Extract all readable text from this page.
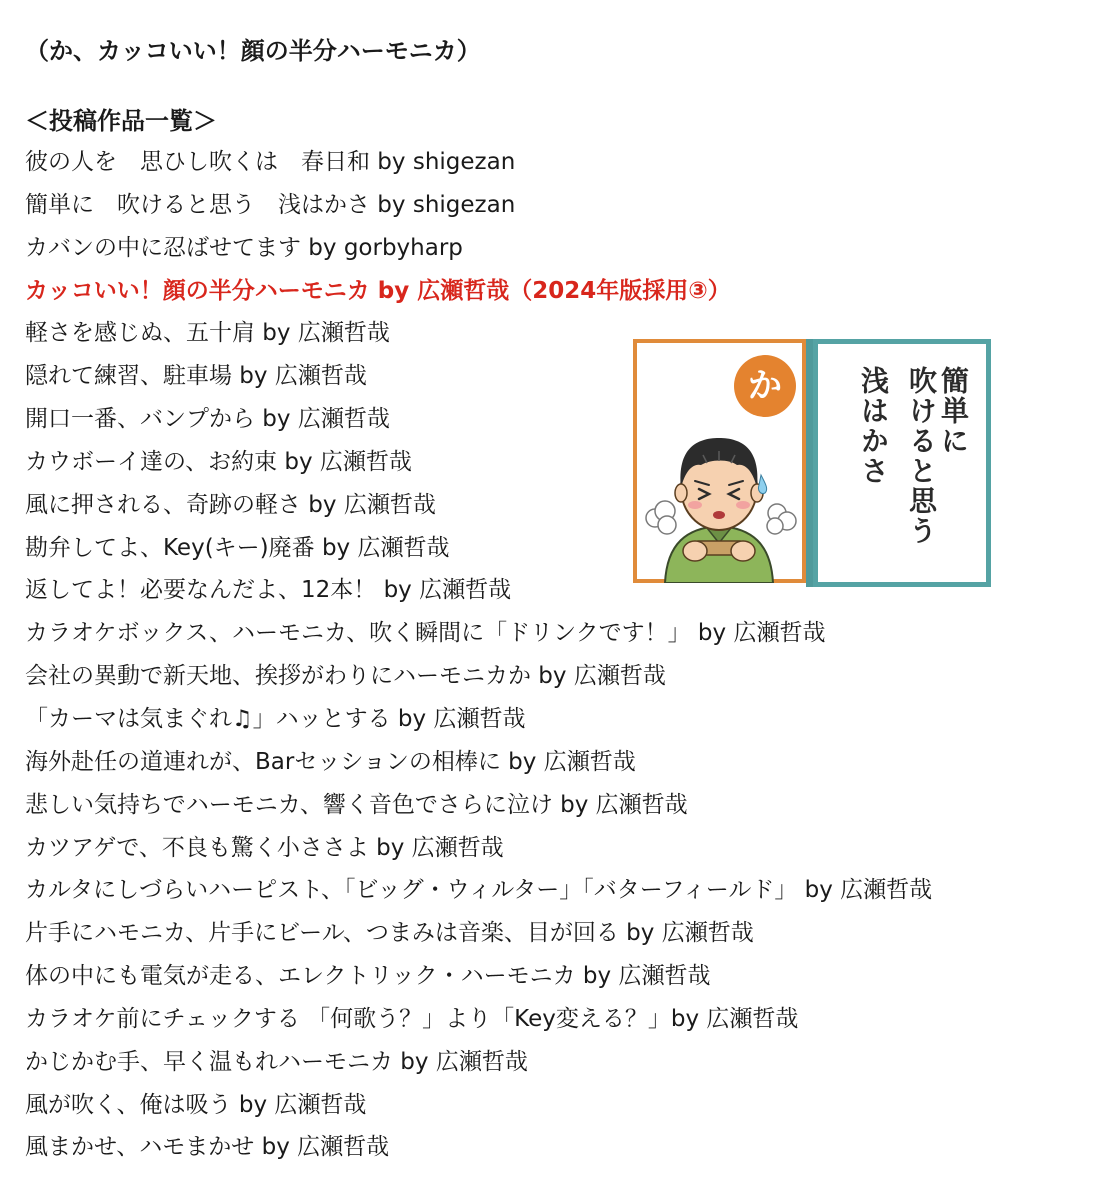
（か、カッコいい！顔の半分ハーモニカ）
＜投稿作品一覧＞
彼の人を　思ひし吹くは　春日和 by shigezan
簡単に　吹けると思う　浅はかさ by shigezan
カバンの中に忍ばせてます by gorbyharp
カッコいい！顔の半分ハーモニカ by 広瀬哲哉（2024年版採用③）
軽さを感じぬ、五十肩 by 広瀬哲哉
隠れて練習、駐車場 by 広瀬哲哉
開口一番、バンプから by 広瀬哲哉
カウボーイ達の、お約束 by 広瀬哲哉
風に押される、奇跡の軽さ by 広瀬哲哉
勘弁してよ、Key(キー)廃番 by 広瀬哲哉
返してよ！必要なんだよ、12本！ by 広瀬哲哉
カラオケボックス、ハーモニカ、吹く瞬間に「ドリンクです！」 by 広瀬哲哉
会社の異動で新天地、挨拶がわりにハーモニカか by 広瀬哲哉
「カーマは気まぐれ♫」ハッとする by 広瀬哲哉
海外赴任の道連れが、Barセッションの相棒に by 広瀬哲哉
悲しい気持ちでハーモニカ、響く音色でさらに泣け by 広瀬哲哉
カツアゲで、不良も驚く小ささよ by 広瀬哲哉
カルタにしづらいハーピスト、「ビッグ・ウィルター」「バターフィールド」 by 広瀬哲哉
片手にハモニカ、片手にビール、つまみは音楽、目が回る by 広瀬哲哉
体の中にも電気が走る、エレクトリック・ハーモニカ by 広瀬哲哉
カラオケ前にチェックする 「何歌う？」より「Key変える？」by 広瀬哲哉
かじかむ手、早く温もれハーモニカ by 広瀬哲哉
風が吹く、俺は吸う by 広瀬哲哉
風まかせ、ハモまかせ by 広瀬哲哉
か	簡単に
吹けると思う
浅はかさ
